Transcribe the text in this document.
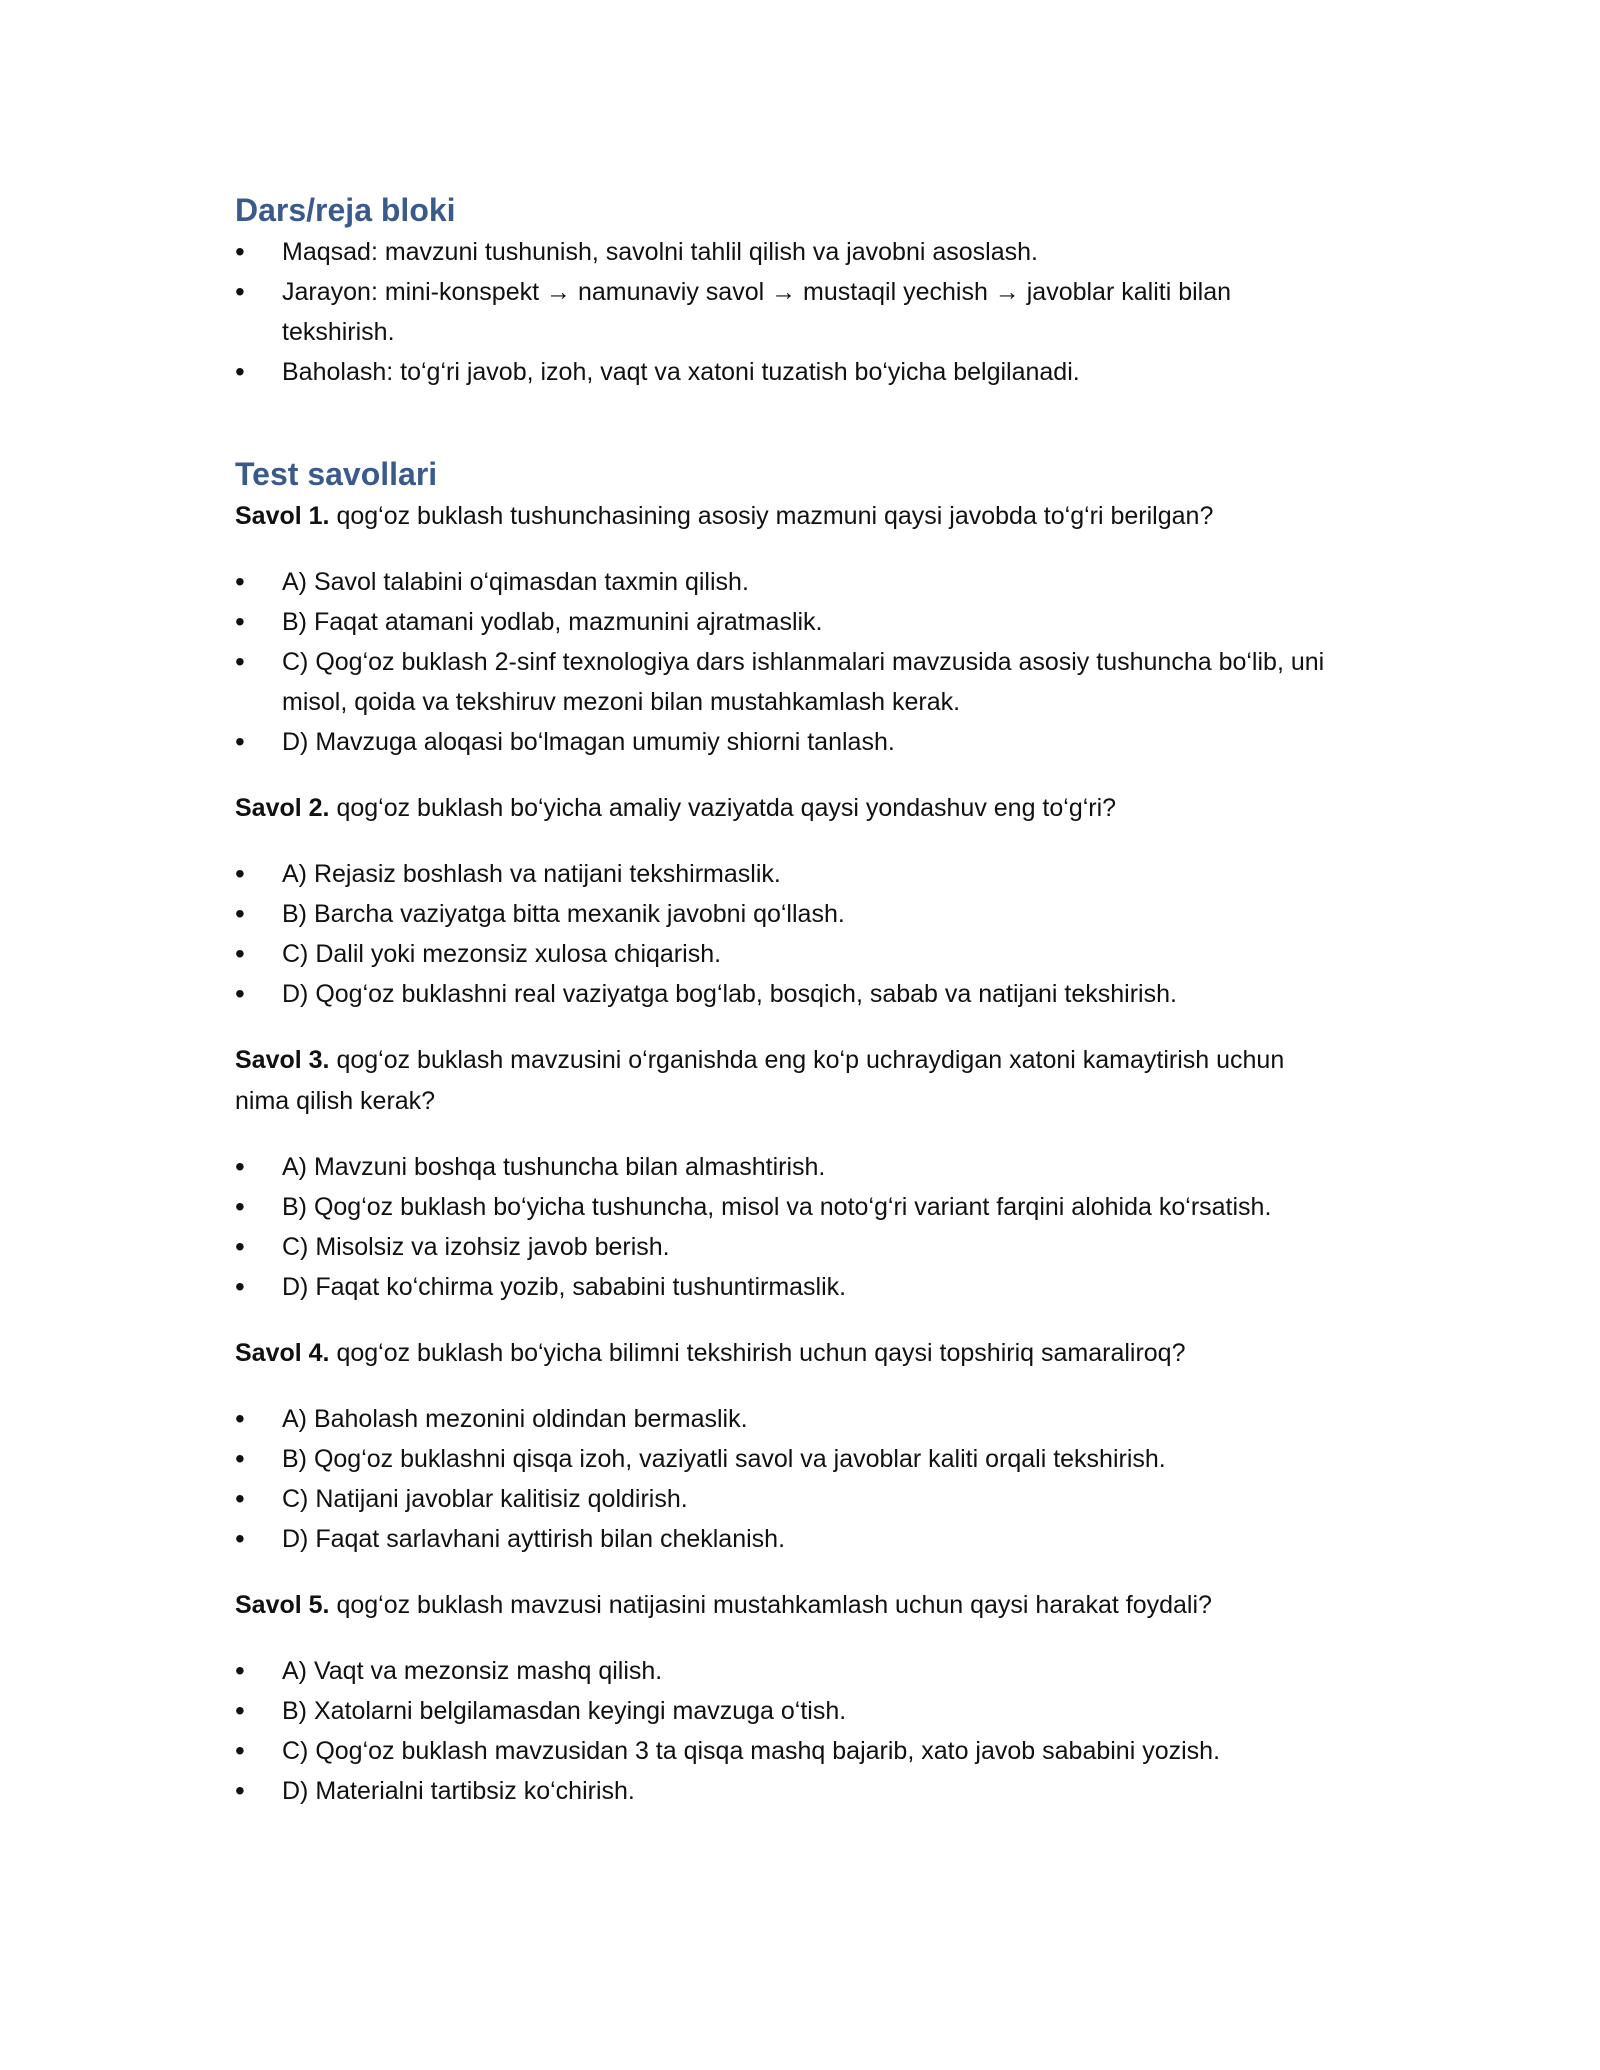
Dars/reja bloki
• Maqsad: mavzuni tushunish, savolni tahlil qilish va javobni asoslash.
• Jarayon: mini-konspekt → namunaviy savol → mustaqil yechish → javoblar kaliti bilan tekshirish.
• Baholash: to‘g‘ri javob, izoh, vaqt va xatoni tuzatish bo‘yicha belgilanadi.
Test savollari

Savol 1. qog‘oz buklash tushunchasining asosiy mazmuni qaysi javobda to‘g‘ri berilgan?

• A) Savol talabini o‘qimasdan taxmin qilish.
• B) Faqat atamani yodlab, mazmunini ajratmaslik.
• C) Qog‘oz buklash 2-sinf texnologiya dars ishlanmalari mavzusida asosiy tushuncha bo‘lib, uni misol, qoida va tekshiruv mezoni bilan mustahkamlash kerak.
• D) Mavzuga aloqasi bo‘lmagan umumiy shiorni tanlash.

Savol 2. qog‘oz buklash bo‘yicha amaliy vaziyatda qaysi yondashuv eng to‘g‘ri?

• A) Rejasiz boshlash va natijani tekshirmaslik.
• B) Barcha vaziyatga bitta mexanik javobni qo‘llash.
• C) Dalil yoki mezonsiz xulosa chiqarish.
• D) Qog‘oz buklashni real vaziyatga bog‘lab, bosqich, sabab va natijani tekshirish.

Savol 3. qog‘oz buklash mavzusini o‘rganishda eng ko‘p uchraydigan xatoni kamaytirish uchun nima qilish kerak?

• A) Mavzuni boshqa tushuncha bilan almashtirish.
• B) Qog‘oz buklash bo‘yicha tushuncha, misol va noto‘g‘ri variant farqini alohida ko‘rsatish.
• C) Misolsiz va izohsiz javob berish.
• D) Faqat ko‘chirma yozib, sababini tushuntirmaslik.

Savol 4. qog‘oz buklash bo‘yicha bilimni tekshirish uchun qaysi topshiriq samaraliroq?

• A) Baholash mezonini oldindan bermaslik.
• B) Qog‘oz buklashni qisqa izoh, vaziyatli savol va javoblar kaliti orqali tekshirish.
• C) Natijani javoblar kalitisiz qoldirish.
• D) Faqat sarlavhani ayttirish bilan cheklanish.

Savol 5. qog‘oz buklash mavzusi natijasini mustahkamlash uchun qaysi harakat foydali?

• A) Vaqt va mezonsiz mashq qilish.
• B) Xatolarni belgilamasdan keyingi mavzuga o‘tish.
• C) Qog‘oz buklash mavzusidan 3 ta qisqa mashq bajarib, xato javob sababini yozish.
• D) Materialni tartibsiz ko‘chirish.
